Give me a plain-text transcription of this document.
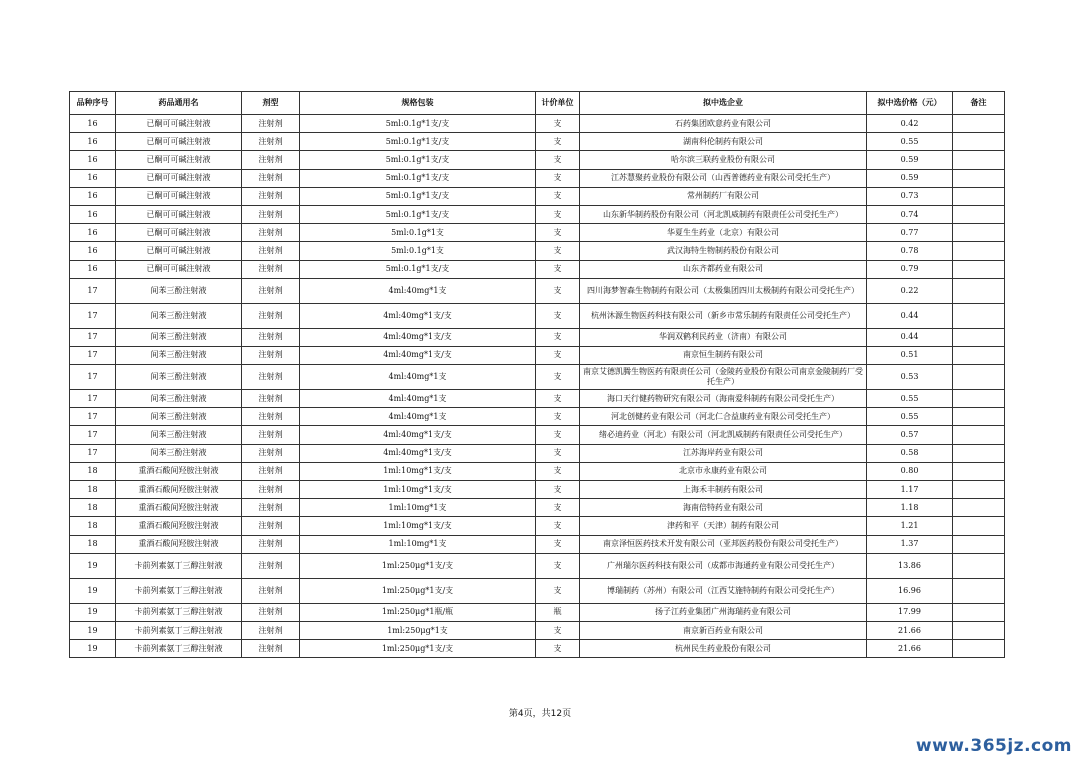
品种序号	药品通用名	剂型	规格包装	计价单位	拟中选企业	拟中选价格（元）	备注
16	已酮可可碱注射液	注射剂	5ml:0.1g*1支/支	支	石药集团欧意药业有限公司	0.42	
16	已酮可可碱注射液	注射剂	5ml:0.1g*1支/支	支	湖南科伦制药有限公司	0.55	
16	已酮可可碱注射液	注射剂	5ml:0.1g*1支/支	支	哈尔滨三联药业股份有限公司	0.59	
16	已酮可可碱注射液	注射剂	5ml:0.1g*1支/支	支	江苏慧聚药业股份有限公司（山西普德药业有限公司受托生产）	0.59	
16	已酮可可碱注射液	注射剂	5ml:0.1g*1支/支	支	常州制药厂有限公司	0.73	
16	已酮可可碱注射液	注射剂	5ml:0.1g*1支/支	支	山东新华制药股份有限公司（河北凯威制药有限责任公司受托生产）	0.74	
16	已酮可可碱注射液	注射剂	5ml:0.1g*1支	支	华夏生生药业（北京）有限公司	0.77	
16	已酮可可碱注射液	注射剂	5ml:0.1g*1支	支	武汉海特生物制药股份有限公司	0.78	
16	已酮可可碱注射液	注射剂	5ml:0.1g*1支/支	支	山东齐都药业有限公司	0.79	
17	间苯三酚注射液	注射剂	4ml:40mg*1支	支	四川海梦智森生物制药有限公司（太极集团四川太极制药有限公司受托生产）	0.22	
17	间苯三酚注射液	注射剂	4ml:40mg*1支/支	支	杭州沐源生物医药科技有限公司（新乡市常乐制药有限责任公司受托生产）	0.44	
17	间苯三酚注射液	注射剂	4ml:40mg*1支/支	支	华润双鹤利民药业（济南）有限公司	0.44	
17	间苯三酚注射液	注射剂	4ml:40mg*1支/支	支	南京恒生制药有限公司	0.51	
17	间苯三酚注射液	注射剂	4ml:40mg*1支	支	南京艾德凯腾生物医药有限责任公司（金陵药业股份有限公司南京金陵制药厂受托生产）	0.53	
17	间苯三酚注射液	注射剂	4ml:40mg*1支	支	海口天行健药物研究有限公司（海南爱科制药有限公司受托生产）	0.55	
17	间苯三酚注射液	注射剂	4ml:40mg*1支	支	河北创健药业有限公司（河北仁合益康药业有限公司受托生产）	0.55	
17	间苯三酚注射液	注射剂	4ml:40mg*1支/支	支	绪必迪药业（河北）有限公司（河北凯威制药有限责任公司受托生产）	0.57	
17	间苯三酚注射液	注射剂	4ml:40mg*1支/支	支	江苏海岸药业有限公司	0.58	
18	重酒石酸间羟胺注射液	注射剂	1ml:10mg*1支/支	支	北京市永康药业有限公司	0.80	
18	重酒石酸间羟胺注射液	注射剂	1ml:10mg*1支/支	支	上海禾丰制药有限公司	1.17	
18	重酒石酸间羟胺注射液	注射剂	1ml:10mg*1支	支	海南倍特药业有限公司	1.18	
18	重酒石酸间羟胺注射液	注射剂	1ml:10mg*1支/支	支	津药和平（天津）制药有限公司	1.21	
18	重酒石酸间羟胺注射液	注射剂	1ml:10mg*1支	支	南京泽恒医药技术开发有限公司（亚邦医药股份有限公司受托生产）	1.37	
19	卡前列素氨丁三醇注射液	注射剂	1ml:250μg*1支/支	支	广州瑞尔医药科技有限公司（成都市海通药业有限公司受托生产）	13.86	
19	卡前列素氨丁三醇注射液	注射剂	1ml:250μg*1支/支	支	博瑞制药（苏州）有限公司（江西艾施特制药有限公司受托生产）	16.96	
19	卡前列素氨丁三醇注射液	注射剂	1ml:250μg*1瓶/瓶	瓶	扬子江药业集团广州海瑞药业有限公司	17.99	
19	卡前列素氨丁三醇注射液	注射剂	1ml:250μg*1支	支	南京新百药业有限公司	21.66	
19	卡前列素氨丁三醇注射液	注射剂	1ml:250μg*1支/支	支	杭州民生药业股份有限公司	21.66	
第4页，共12页
www.365jz.com
